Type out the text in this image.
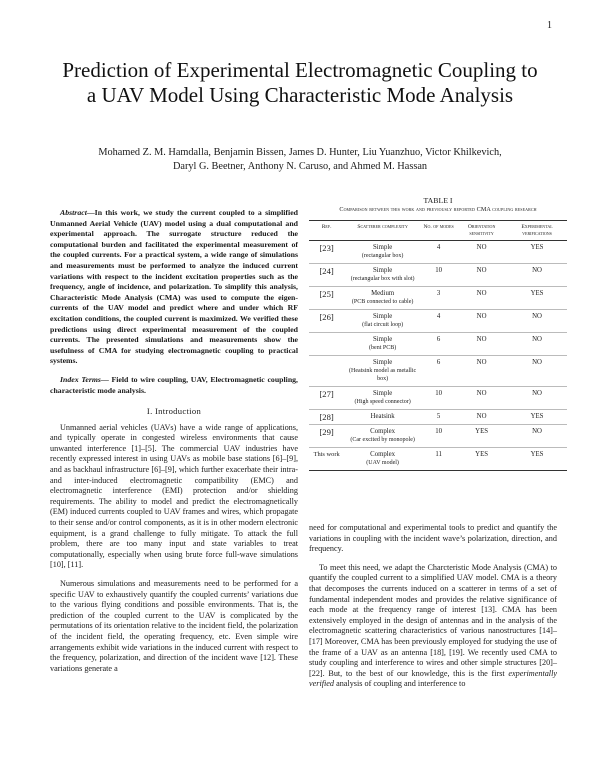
1
Prediction of Experimental Electromagnetic Coupling to a UAV Model Using Characteristic Mode Analysis
Mohamed Z. M. Hamdalla, Benjamin Bissen, James D. Hunter, Liu Yuanzhuo, Victor Khilkevich,
Daryl G. Beetner, Anthony N. Caruso, and Ahmed M. Hassan
Abstract—In this work, we study the current coupled to a simplified Unmanned Aerial Vehicle (UAV) model using a dual computational and experimental approach. The surrogate structure reduced the computational burden and facilitated the experimental measurement of the coupled currents. For a practical system, a wide range of simulations and measurements must be performed to analyze the induced current variations with respect to the incident excitation properties such as the frequency, angle of incidence, and polarization. To simplify this analysis, Characteristic Mode Analysis (CMA) was used to compute the eigen-currents of the UAV model and predict where and under which RF excitation conditions, the coupled current is maximized. We verified these predictions using direct experimental measurement of the coupled currents. The presented simulations and measurements show the usefulness of CMA for studying electromagnetic coupling to practical systems.
Index Terms— Field to wire coupling, UAV, Electromagnetic coupling, characteristic mode analysis.
I. Introduction

Unmanned aerial vehicles (UAVs) have a wide range of applications, and typically operate in congested wireless environments that cause unwanted interference [1]–[5]. The commercial UAV industries have recently expressed interest in using UAVs as mobile base stations [6]–[9], and as backhaul infrastructure [6]–[9], which further exacerbate their intra- and inter-induced electromagnetic compatibility (EMC) and electromagnetic interference (EMI) protection and/or shielding requirements. The ability to model and predict the electromagnetically (EM) induced currents coupled to UAV frames and wires, which propagate to their sense and/or control components, as it is in other modern electronic equipment, is a grand challenge to fully mitigate. To attack the full problem, there are too many input and state variables to treat computationally, especially when using brute force full-wave simulations [10], [11].

Numerous simulations and measurements need to be performed for a specific UAV to exhaustively quantify the coupled currents’ variations due to the various flying conditions and possible environments. That is, the prediction of the coupled current to the UAV is complicated by the permutations of its orientation relative to the incident field, the polarization of the incident field, the operating frequency, etc. Even simple wire arrangements exhibit wide variations in the induced current with respect to the frequency, polarization, and direction of the incident wave [12]. These variations generate a

TABLE I
Comparison between this work and previously reported CMA coupling research
Ref.	Scatterer complexity	No. of modes	Orientation sensitivity	Experimental verifications
[23]	Simple
(rectangular box)	4	NO	YES
[24]	Simple
(rectangular box with slot)	10	NO	NO
[25]	Medium
(PCB connected to cable)	3	NO	YES
[26]	Simple
(flat circuit loop)	4	NO	NO
	Simple
(bent PCB)	6	NO	NO
	Simple
(Heatsink model as metallic box)	6	NO	NO
[27]	Simple
(High speed connector)	10	NO	NO
[28]	Heatsink	5	NO	YES
[29]	Complex
(Car excited by monopole)	10	YES	NO
This work	Complex
(UAV model)	11	YES	YES

need for computational and experimental tools to predict and quantify the variations in coupling with the incident wave’s polarization, direction, and frequency.

To meet this need, we adapt the Charcteristic Mode Analysis (CMA) to quantify the coupled current to a simplified UAV model. CMA is a theory that decomposes the currents induced on a scatterer in terms of a set of fundamental independent modes and provides the relative significance of each mode at the frequency range of interest [13]. CMA has been extensively employed in the design of antennas and in the analysis of the electromagnetic scattering characteristics of various nanostructures [14]–[17] Moreover, CMA has been previously employed for studying the use of the frame of a UAV as an antenna [18], [19]. We recently used CMA to study coupling and interference to wires and other simple structures [20]–[22]. But, to the best of our knowledge, this is the first experimentally verified analysis of coupling and interference to
